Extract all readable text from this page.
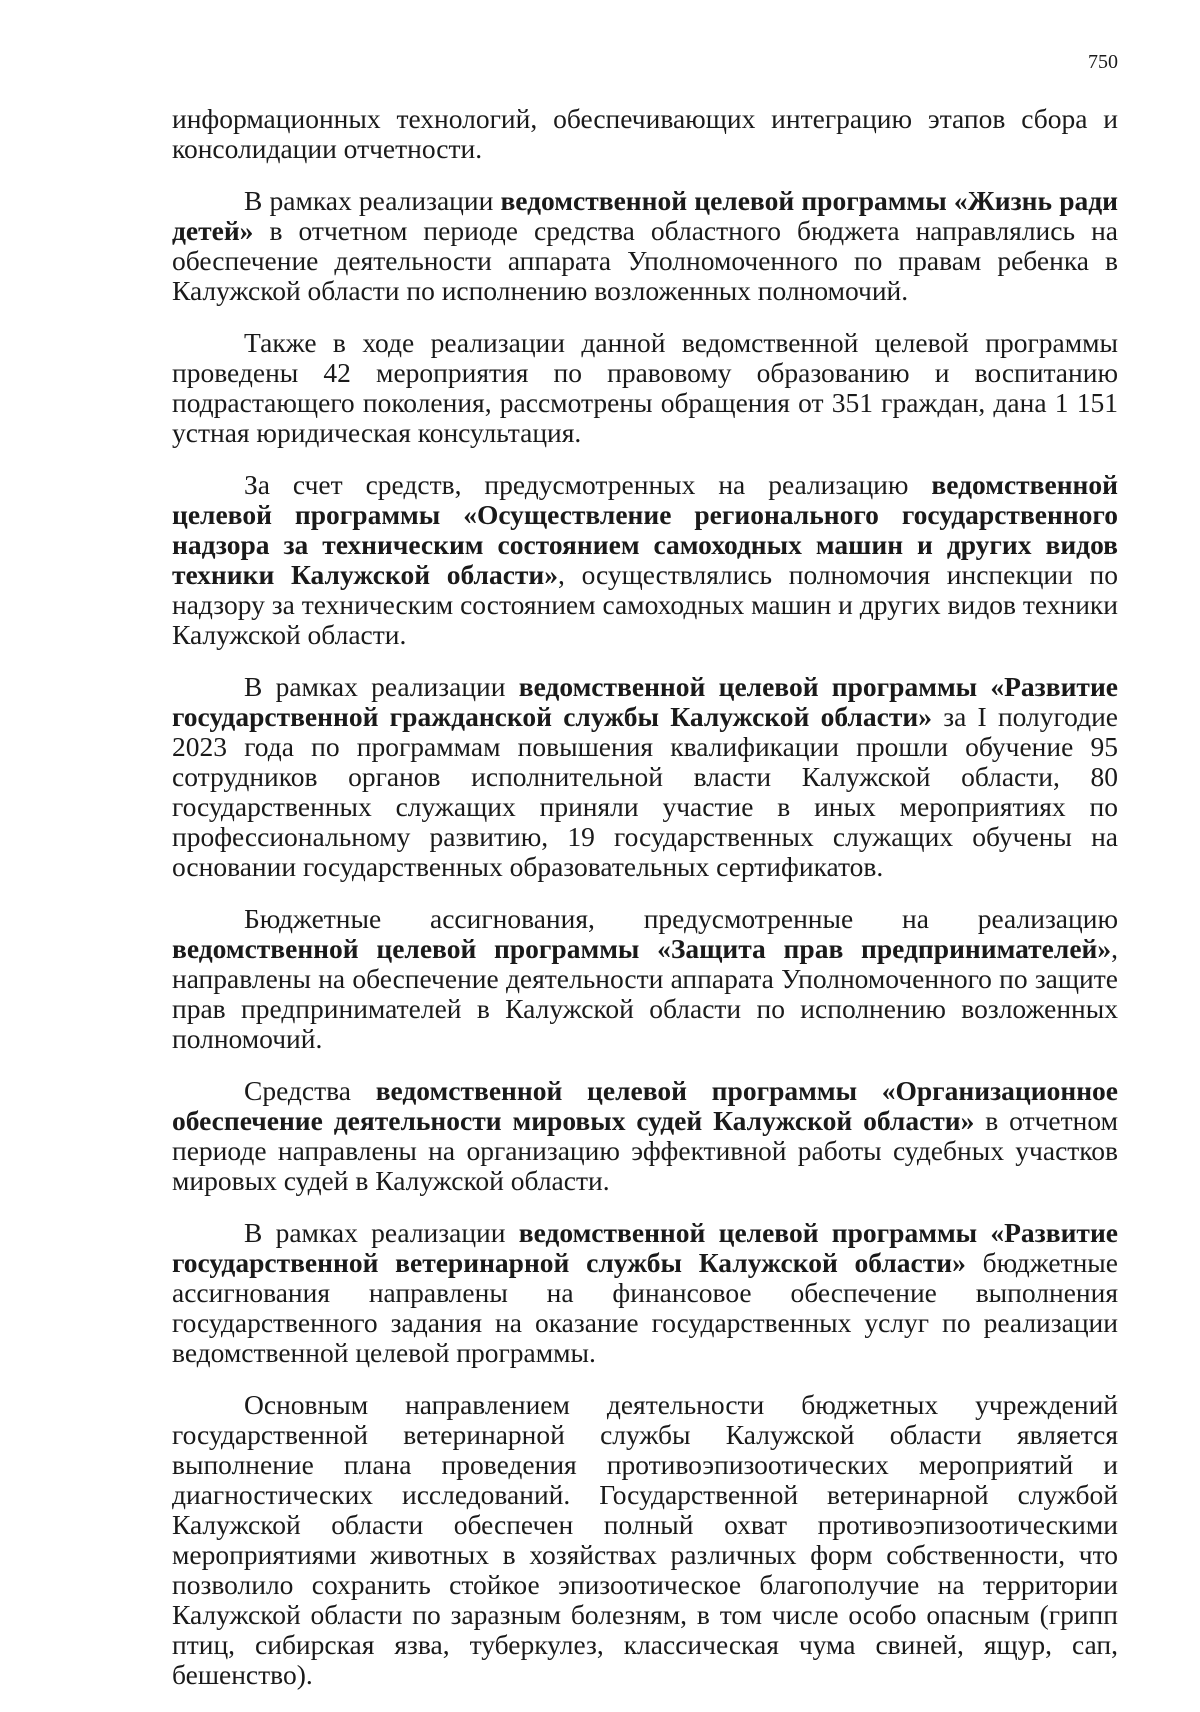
750

информационных технологий, обеспечивающих интеграцию этапов сбора и консолидации отчетности.

В рамках реализации ведомственной целевой программы «Жизнь ради детей» в отчетном периоде средства областного бюджета направлялись на обеспечение деятельности аппарата Уполномоченного по правам ребенка в Калужской области по исполнению возложенных полномочий.

Также в ходе реализации данной ведомственной целевой программы проведены 42 мероприятия по правовому образованию и воспитанию подрастающего поколения, рассмотрены обращения от 351 граждан, дана 1 151 устная юридическая консультация.

За счет средств, предусмотренных на реализацию ведомственной целевой программы «Осуществление регионального государственного надзора за техническим состоянием самоходных машин и других видов техники Калужской области», осуществлялись полномочия инспекции по надзору за техническим состоянием самоходных машин и других видов техники Калужской области.

В рамках реализации ведомственной целевой программы «Развитие государственной гражданской службы Калужской области» за I полугодие 2023 года по программам повышения квалификации прошли обучение 95 сотрудников органов исполнительной власти Калужской области, 80 государственных служащих приняли участие в иных мероприятиях по профессиональному развитию, 19 государственных служащих обучены на основании государственных образовательных сертификатов.

Бюджетные ассигнования, предусмотренные на реализацию ведомственной целевой программы «Защита прав предпринимателей», направлены на обеспечение деятельности аппарата Уполномоченного по защите прав предпринимателей в Калужской области по исполнению возложенных полномочий.

Средства ведомственной целевой программы «Организационное обеспечение деятельности мировых судей Калужской области» в отчетном периоде направлены на организацию эффективной работы судебных участков мировых судей в Калужской области.

В рамках реализации ведомственной целевой программы «Развитие государственной ветеринарной службы Калужской области» бюджетные ассигнования направлены на финансовое обеспечение выполнения государственного задания на оказание государственных услуг по реализации ведомственной целевой программы.

Основным направлением деятельности бюджетных учреждений государственной ветеринарной службы Калужской области является выполнение плана проведения противоэпизоотических мероприятий и диагностических исследований. Государственной ветеринарной службой Калужской области обеспечен полный охват противоэпизоотическими мероприятиями животных в хозяйствах различных форм собственности, что позволило сохранить стойкое эпизоотическое благополучие на территории Калужской области по заразным болезням, в том числе особо опасным (грипп птиц, сибирская язва, туберкулез, классическая чума свиней, ящур, сап, бешенство).
